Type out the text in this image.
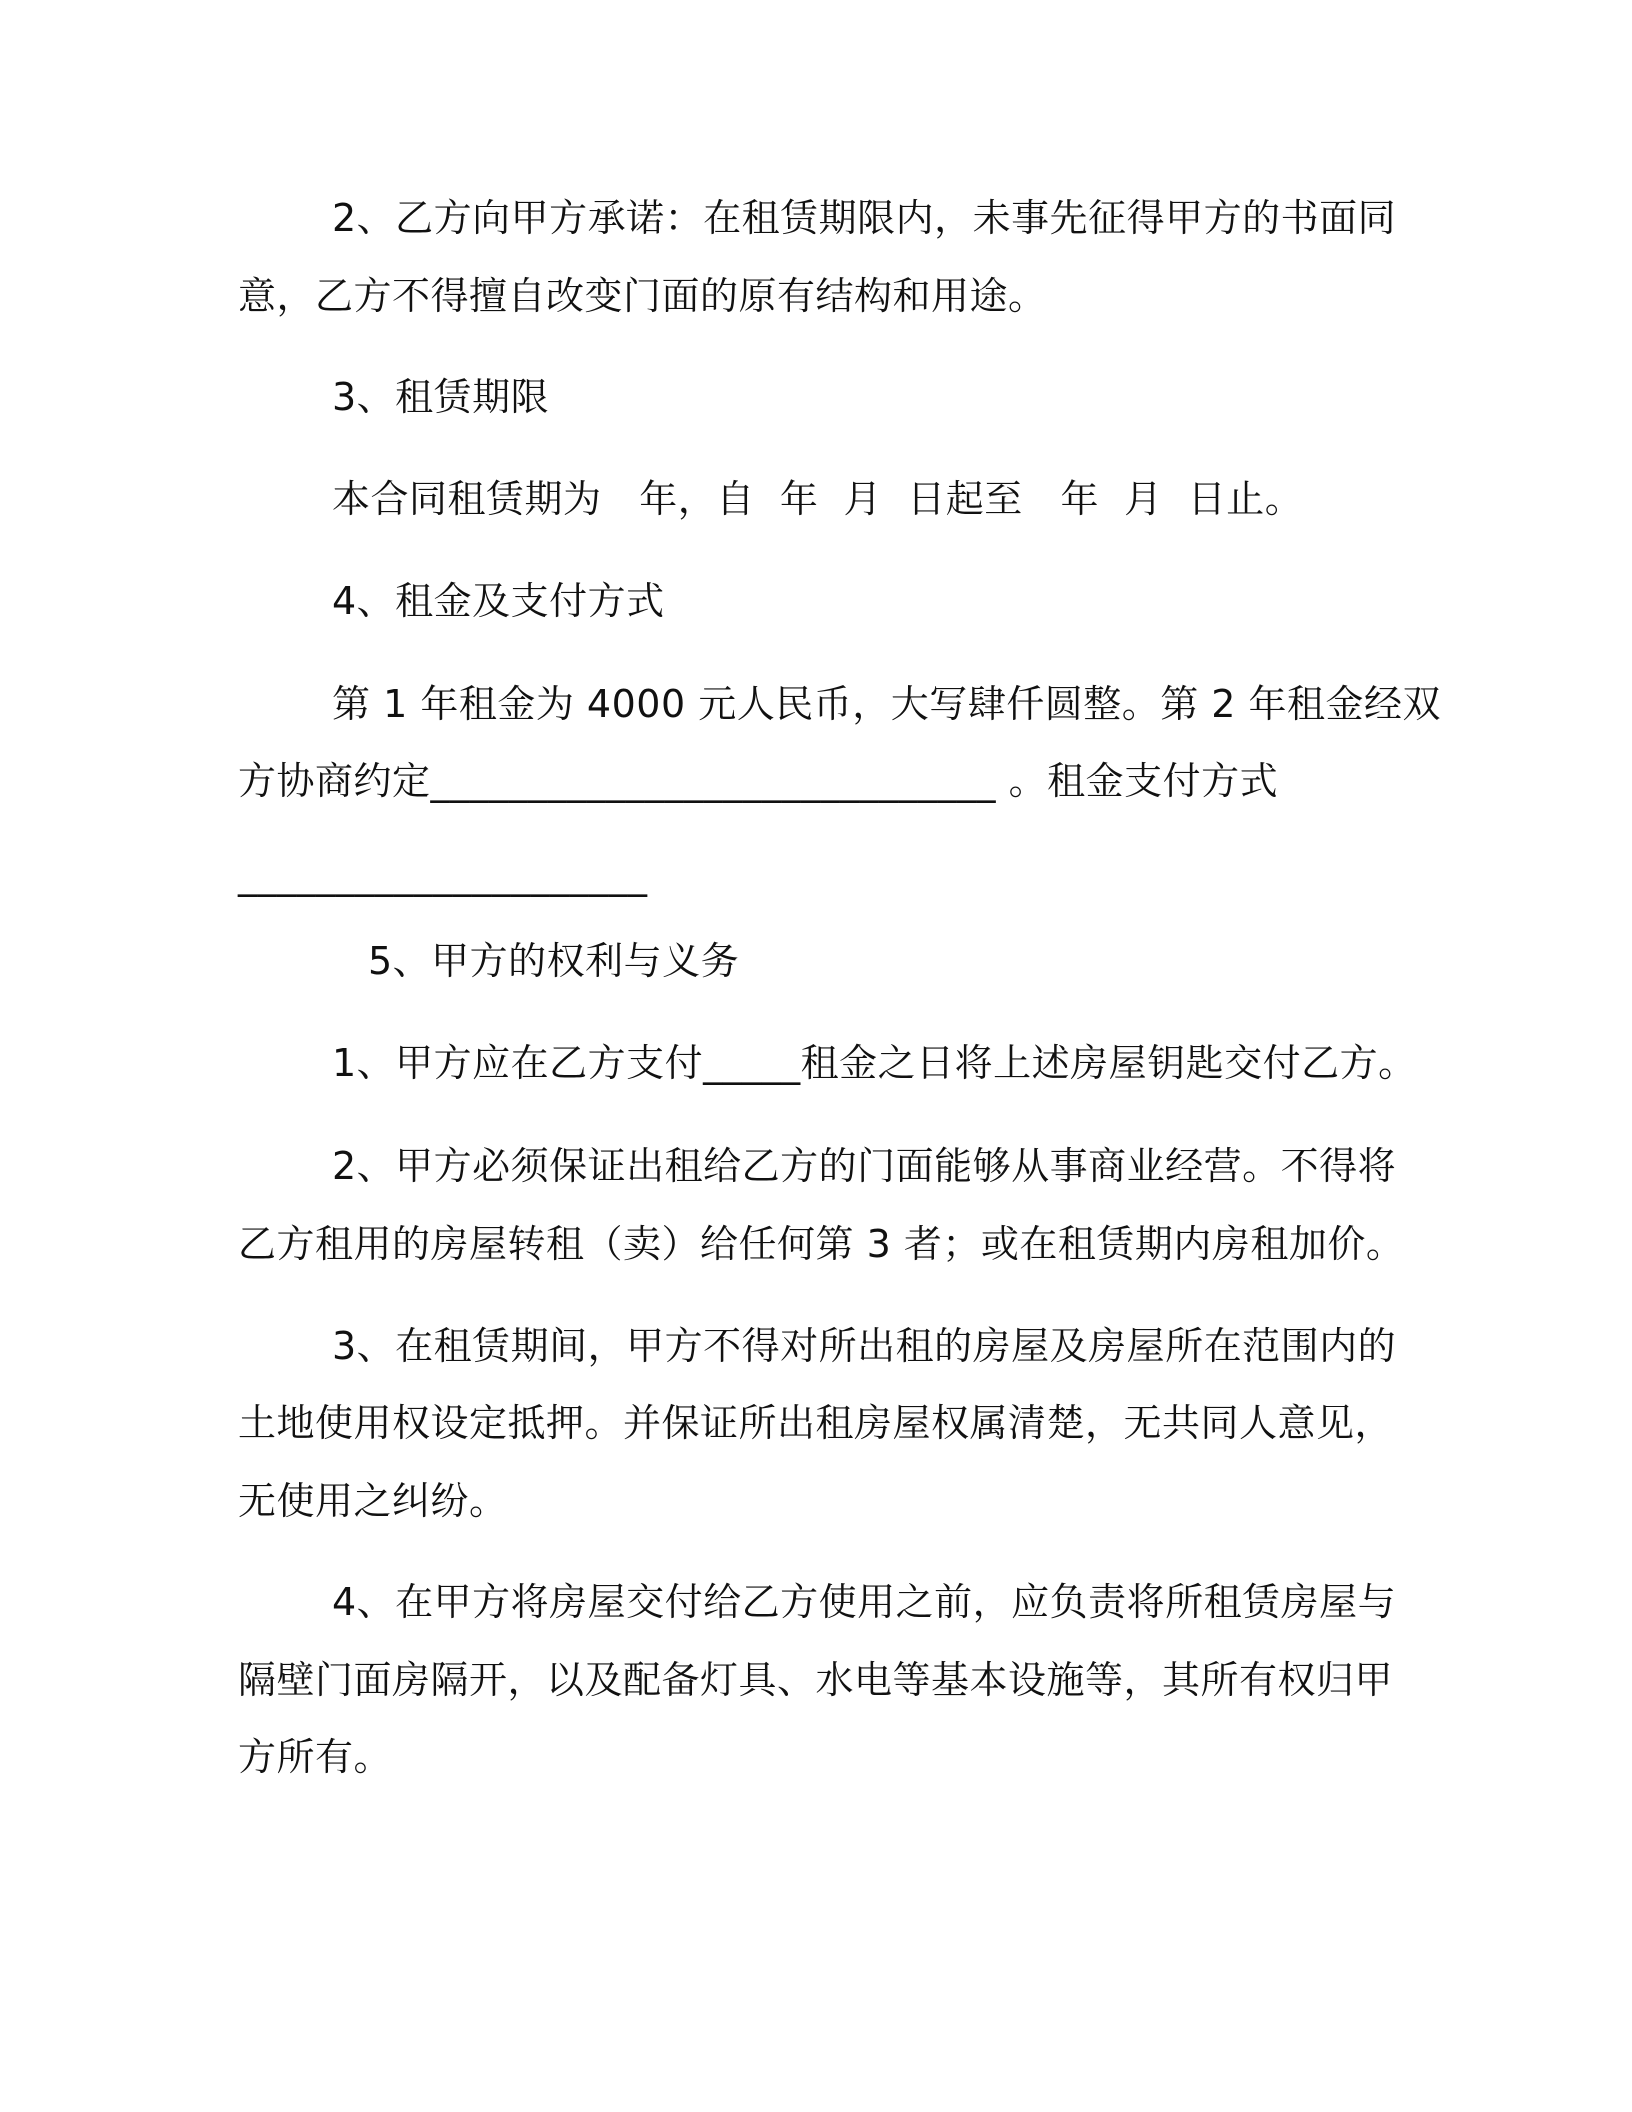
2、乙方向甲方承诺：在租赁期限内，未事先征得甲方的书面同
意，乙方不得擅自改变门面的原有结构和用途。
3、租赁期限
本合同租赁期为   年，自  年  月  日起至   年  月  日止。
4、租金及支付方式
第 1 年租金为 4000 元人民币，大写肆仟圆整。第 2 年租金经双
方协商约定_____________________________ 。租金支付方式
_____________________
5、甲方的权利与义务
1、甲方应在乙方支付_____租金之日将上述房屋钥匙交付乙方。
2、甲方必须保证出租给乙方的门面能够从事商业经营。不得将
乙方租用的房屋转租（卖）给任何第 3 者；或在租赁期内房租加价。
3、在租赁期间，甲方不得对所出租的房屋及房屋所在范围内的
土地使用权设定抵押。并保证所出租房屋权属清楚，无共同人意见，
无使用之纠纷。
4、在甲方将房屋交付给乙方使用之前，应负责将所租赁房屋与
隔壁门面房隔开，以及配备灯具、水电等基本设施等，其所有权归甲
方所有。
